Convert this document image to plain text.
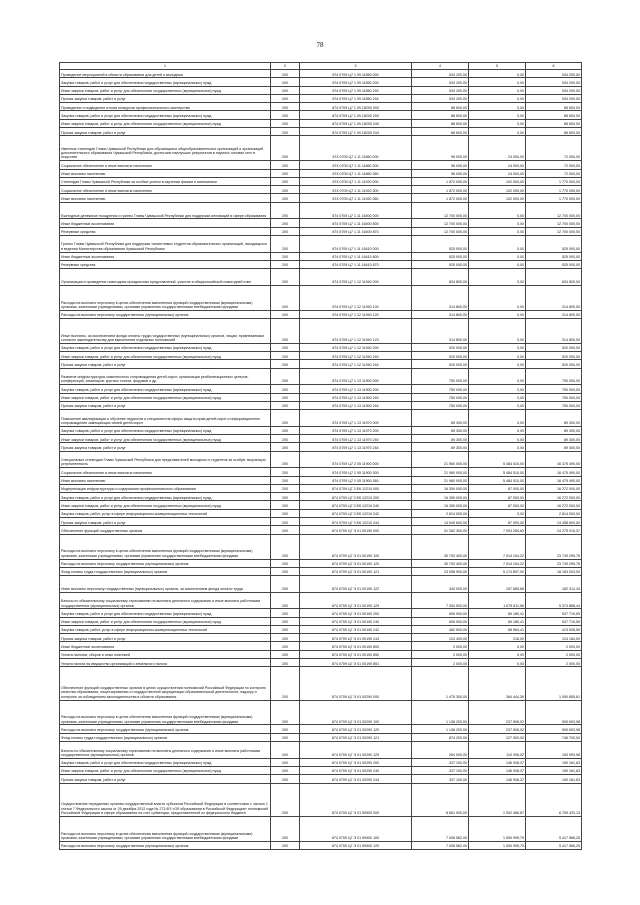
78
1	2	3	4	5	6
Проведение мероприятий в области образования для детей и молодежи	200	874 0709 Ц7 1 09 11850 000	534 200,00	0,00	534 200,00
Закупка товаров, работ и услуг для обеспечения государственных (муниципальных) нужд	200	874 0709 Ц7 1 09 11850 200	534 200,00	0,00	534 200,00
Иные закупки товаров, работ и услуг для обеспечения государственных (муниципальных) нужд	200	874 0709 Ц7 1 09 11850 240	534 200,00	0,00	534 200,00
Прочая закупка товаров, работ и услуг	200	874 0709 Ц7 1 09 11850 244	534 200,00	0,00	534 200,00
Проведение и подведение итогов конкурсов профессионального мастерства	200	874 0709 Ц7 1 09 18200 000	86 600,00	0,00	86 600,00
Закупка товаров, работ и услуг для обеспечения государственных (муниципальных) нужд	200	874 0709 Ц7 1 09 18200 200	86 600,00	0,00	86 600,00
Иные закупки товаров, работ и услуг для обеспечения государственных (муниципальных) нужд	200	874 0709 Ц7 1 09 18200 240	86 600,00	0,00	86 600,00
Прочая закупка товаров, работ и услуг	200	874 0709 Ц7 1 09 18200 244	86 600,00	0,00	86 600,00
Именные стипендии Главы Чувашской Республики для обучающихся общеобразовательных организаций и организаций дополнительного образования Чувашской Республики, достигших наилучших результатов в научных основах чего в искусстве	200	874 0709 Ц7 1 11 11860 000	96 000,00	24 000,00	72 000,00
Социальное обеспечение и иные выплаты населению	200	874 0709 Ц7 1 11 11860 300	96 000,00	24 000,00	72 000,00
Иные выплаты населению	200	874 0709 Ц7 1 11 11860 360	96 000,00	24 000,00	72 000,00
Стипендии Главы Чувашской Республики за особые успехи в изучении физики и математики	200	874 0709 Ц7 1 11 11920 000	1 872 000,00	102 000,00	1 770 000,00
Социальное обеспечение и иные выплаты населению	200	874 0709 Ц7 1 11 11920 300	1 872 000,00	102 000,00	1 770 000,00
Иные выплаты населению	200	874 0709 Ц7 1 11 11920 360	1 872 000,00	102 000,00	1 770 000,00
Ежегодные денежные поощрения и гранты Главы Чувашской Республики для поддержки инноваций в сфере образования	200	874 0709 Ц7 1 11 16400 000	12 700 000,00	0,00	12 700 000,00
Иные бюджетные ассигнования	200	874 0709 Ц7 1 11 16400 800	12 700 000,00	0,00	12 700 000,00
Резервные средства	200	874 0709 Ц7 1 11 16400 870	12 700 000,00	0,00	12 700 000,00
Гранты Главы Чувашской Республики для поддержки талантливых студентов образовательных организаций, находящихся в ведении Министерства образования Чувашской Республики	200	874 0709 Ц7 1 11 16410 000	525 000,00	0,00	525 000,00
Иные бюджетные ассигнования	200	874 0709 Ц7 1 11 16410 800	525 000,00	0,00	525 000,00
Резервные средства	200	874 0709 Ц7 1 11 16410 870	525 000,00	0,00	525 000,00
Организация и проведение новогодних праздничных представлений, участие в общероссийской новогодней елке	200	874 0709 Ц7 1 12 11940 000	834 800,00	0,00	834 800,00
Расходы на выплаты персоналу в целях обеспечения выполнения функций государственными (муниципальными) органами, казенными учреждениями, органами управления государственными внебюджетными фондами	200	874 0709 Ц7 1 12 11940 100	314 800,00	0,00	314 800,00
Расходы на выплаты персоналу государственных (муниципальных) органов	200	874 0709 Ц7 1 12 11940 120	314 800,00	0,00	314 800,00
Иные выплаты, за исключением фонда оплаты труда государственных (муниципальных) органов, лицам, привлекаемым согласно законодательству для выполнения отдельных полномочий	200	874 0709 Ц7 1 12 11940 123	314 800,00	0,00	314 800,00
Закупка товаров, работ и услуг для обеспечения государственных (муниципальных) нужд	200	874 0709 Ц7 1 12 11940 200	520 000,00	0,00	520 000,00
Иные закупки товаров, работ и услуг для обеспечения государственных (муниципальных) нужд	200	874 0709 Ц7 1 12 11940 240	520 000,00	0,00	520 000,00
Прочая закупка товаров, работ и услуг	200	874 0709 Ц7 1 12 11940 244	520 000,00	0,00	520 000,00
Развитие инфраструктуры комплексного сопровождения детей-сирот, организации реабилитационных центров, конференций, семинаров, круглых столов, форумов и др.	200	874 0709 Ц7 1 13 11900 000	750 000,00	0,00	750 000,00
Закупка товаров, работ и услуг для обеспечения государственных (муниципальных) нужд	200	874 0709 Ц7 1 13 11900 200	750 000,00	0,00	750 000,00
Иные закупки товаров, работ и услуг для обеспечения государственных (муниципальных) нужд	200	874 0709 Ц7 1 13 11900 240	750 000,00	0,00	750 000,00
Прочая закупка товаров, работ и услуг	200	874 0709 Ц7 1 13 11900 244	750 000,00	0,00	750 000,00
Повышение квалификации и обучение педагогов и специалистов сферы защиты прав детей-сирот и информационное сопровождение замещающих семей детей-сирот	200	874 0709 Ц7 1 13 11970 000	89 300,00	0,00	89 300,00
Закупка товаров, работ и услуг для обеспечения государственных (муниципальных) нужд	200	874 0709 Ц7 1 13 11970 200	89 300,00	0,00	89 300,00
Иные закупки товаров, работ и услуг для обеспечения государственных (муниципальных) нужд	200	874 0709 Ц7 1 13 11970 240	89 300,00	0,00	89 300,00
Прочая закупка товаров, работ и услуг	200	874 0709 Ц7 1 13 11970 244	89 300,00	0,00	89 300,00
Специальные стипендии Главы Чувашской Республики для представителей молодежи и студентов за особую творческую устремленность	200	874 0709 Ц7 2 05 11900 000	21 960 000,00	5 484 510,00	16 475 490,00
Социальное обеспечение и иные выплаты населению	200	874 0709 Ц7 2 05 11900 300	21 960 000,00	5 484 510,00	16 475 490,00
Иные выплаты населению	200	874 0709 Ц7 2 05 11900 360	21 960 000,00	5 484 510,00	16 475 490,00
Модернизация инфраструктуры и содержания профессионального образования	200	874 0709 Ц7 3 Е6 12210 000	16 359 000,00	87 000,00	16 272 000,00
Закупка товаров, работ и услуг для обеспечения государственных (муниципальных) нужд	200	874 0709 Ц7 3 Е6 12210 200	16 359 000,00	87 000,00	16 272 000,00
Иные закупки товаров, работ и услуг для обеспечения государственных (муниципальных) нужд	200	874 0709 Ц7 3 Е6 12210 240	16 359 000,00	87 000,00	16 272 000,00
Закупка товаров, работ, услуг в сфере информационно-коммуникационных технологий	200	874 0709 Ц7 3 Е6 12210 242	2 814 000,00	0,00	2 814 000,00
Прочая закупка товаров, работ и услуг	200	874 0709 Ц7 3 Е6 12210 244	13 545 600,00	87 000,00	13 458 600,00
Обеспечение функций государственных органов	200	874 0709 Ц7 Э 01 00190 000	31 282 300,00	7 003 284,63	24 279 015,37
Расходы на выплаты персоналу в целях обеспечения выполнения функций государственными (муниципальными) органами, казенными учреждениями, органами управления государственными внебюджетными фондами	200	874 0709 Ц7 Э 01 00190 100	30 753 400,00	7 014 104,22	23 739 295,78
Расходы на выплаты персоналу государственных (муниципальных) органов	200	874 0709 Ц7 Э 01 00190 120	30 753 400,00	7 014 104,22	23 739 295,78
Фонд оплаты труда государственных (муниципальных) органов	200	874 0709 Ц7 Э 01 00190 121	23 058 900,00	5 174 897,00	18 163 003,00
Иные выплаты персоналу государственных (муниципальных) органов, за исключением фонда оплаты труда	200	874 0709 Ц7 Э 01 00190 122	340 000,00	157 685,66	182 314,34
Взносы по обязательному социальному страхованию на выплаты денежного содержания и иные выплаты работникам государственных (муниципальных) органов	200	874 0709 Ц7 Э 01 00190 129	7 354 500,00	1 679 611,56	5 374 888,44
Закупка товаров, работ и услуг для обеспечения государственных (муниципальных) нужд	200	874 0709 Ц7 Э 01 00190 200	606 900,00	69 180,41	537 719,59
Иные закупки товаров, работ и услуг для обеспечения государственных (муниципальных) нужд	200	874 0709 Ц7 Э 01 00190 240	606 900,00	69 180,41	537 719,59
Закупка товаров, работ, услуг в сфере информационно-коммуникационных технологий	200	874 0709 Ц7 Э 01 00190 242	482 500,00	68 964,41	413 535,59
Прочая закупка товаров, работ и услуг	200	874 0709 Ц7 Э 01 00190 244	124 400,00	216,00	124 184,00
Иные бюджетные ассигнования	200	874 0709 Ц7 Э 01 00190 800	2 000,00	0,00	2 000,00
Уплата налогов, сборов и иных платежей	200	874 0709 Ц7 Э 01 00190 850	2 000,00	0,00	2 000,00
Уплата налога на имущество организаций и земельного налога	200	874 0709 Ц7 Э 01 00190 851	2 000,00	0,00	2 000,00
Обеспечение функций государственных органов в целях осуществления полномочий Российской Федерации по контролю качества образования, лицензированию и государственной аккредитации образовательной деятельности, надзору и контролю за соблюдением законодательства в области образования	200	874 0709 Ц7 Э 01 00290 000	1 475 300,00	384 444,39	1 090 855,61
Расходы на выплаты персоналу в целях обеспечения выполнения функций государственными (муниципальными) органами, казенными учреждениями, органами управления государственными внебюджетными фондами	200	874 0709 Ц7 Э 01 00290 100	1 138 200,00	237 506,02	900 693,98
Расходы на выплаты персоналу государственных (муниципальных) органов	200	874 0709 Ц7 Э 01 00290 120	1 138 200,00	237 506,02	900 693,98
Фонд оплаты труда государственных (муниципальных) органов	200	874 0709 Ц7 Э 01 00290 121	874 200,00	127 500,00	746 700,00
Взносы по обязательному социальному страхованию на выплаты денежного содержания и иные выплаты работникам государственных (муниципальных) органов	200	874 0709 Ц7 Э 01 00290 129	264 000,00	110 006,02	153 993,98
Закупка товаров, работ и услуг для обеспечения государственных (муниципальных) нужд	200	874 0709 Ц7 Э 01 00290 200	337 100,00	146 938,37	190 161,63
Иные закупки товаров, работ и услуг для обеспечения государственных (муниципальных) нужд	200	874 0709 Ц7 Э 01 00290 240	337 100,00	146 938,37	190 161,63
Прочая закупка товаров, работ и услуг	200	874 0709 Ц7 Э 01 00290 244	337 100,00	146 938,37	190 161,63
Осуществление переданных органам государственной власти субъектов Российской Федерации в соответствии с частью 1 статьи 7 Федерального закона от 29 декабря 2012 года № 273-ФЗ «Об образовании в Российской Федерации» полномочий Российской Федерации в сфере образования на счет субвенции, предоставленной из федерального бюджета	200	874 0709 Ц7 Э 01 59900 000	8 661 900,00	1 902 466,87	6 759 433,13
Расходы на выплаты персоналу в целях обеспечения выполнения функций государственными (муниципальными) органами, казенными учреждениями, органами управления государственными внебюджетными фондами	200	874 0709 Ц7 Э 01 59900 100	7 008 562,00	1 590 995,75	5 417 566,25
Расходы на выплаты персоналу государственных (муниципальных) органов	200	874 0709 Ц7 Э 01 59900 120	7 008 562,00	1 590 995,75	5 417 566,25
